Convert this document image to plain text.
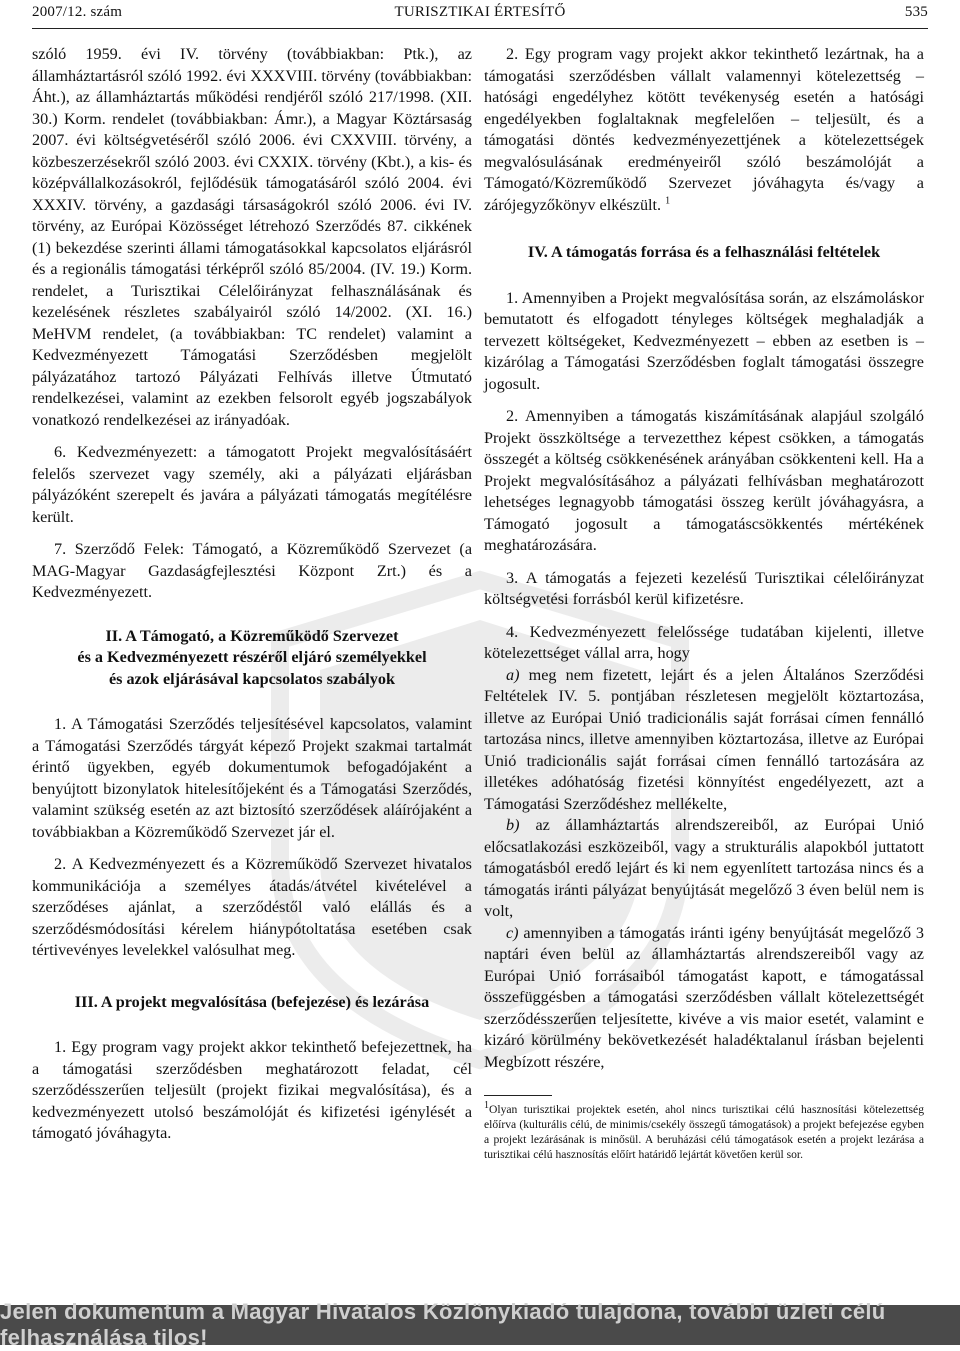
2007/12. szám	TURISZTIKAI ÉRTESÍTŐ	535

szóló 1959. évi IV. törvény (továbbiakban: Ptk.), az államháztartásról szóló 1992. évi XXXVIII. törvény (továbbiakban: Áht.), az államháztartás működési rendjéről szóló 217/1998. (XII. 30.) Korm. rendelet (továbbiakban: Ámr.), a Magyar Köztársaság 2007. évi költségvetéséről szóló 2006. évi CXXVIII. törvény, a közbeszerzésekről szóló 2003. évi CXXIX. törvény (Kbt.), a kis- és középvállalkozásokról, fejlődésük támogatásáról szóló 2004. évi XXXIV. törvény, a gazdasági társaságokról szóló 2006. évi IV. törvény, az Európai Közösséget létrehozó Szerződés 87. cikkének (1) bekezdése szerinti állami támogatásokkal kapcsolatos eljárásról és a regionális támogatási térképről szóló 85/2004. (IV. 19.) Korm. rendelet, a Turisztikai Célelőirányzat felhasználásának és kezelésének részletes szabályairól szóló 14/2002. (XI. 16.) MeHVM rendelet, (a továbbiakban: TC rendelet) valamint a Kedvezményezett Támogatási Szerződésben megjelölt pályázatához tartozó Pályázati Felhívás illetve Útmutató rendelkezései, valamint az ezekben felsorolt egyéb jogszabályok vonatkozó rendelkezései az irányadóak.

6. Kedvezményezett: a támogatott Projekt megvalósításáért felelős szervezet vagy személy, aki a pályázati eljárásban pályázóként szerepelt és javára a pályázati támogatás megítélésre került.

7. Szerződő Felek: Támogató, a Közreműködő Szervezet (a MAG-Magyar Gazdaságfejlesztési Központ Zrt.) és a Kedvezményezett.

II. A Támogató, a Közreműködő Szervezet
és a Kedvezményezett részéről eljáró személyekkel
és azok eljárásával kapcsolatos szabályok

1. A Támogatási Szerződés teljesítésével kapcsolatos, valamint a Támogatási Szerződés tárgyát képező Projekt szakmai tartalmát érintő ügyekben, egyéb dokumentumok befogadójaként a benyújtott bizonylatok hitelesítőjeként és a Támogatási Szerződés, valamint szükség esetén az azt biztosító szerződések aláírójaként a továbbiakban a Közreműködő Szervezet jár el.

2. A Kedvezményezett és a Közreműködő Szervezet hivatalos kommunikációja a személyes átadás/átvétel kivételével a szerződéses ajánlat, a szerződéstől való elállás és a szerződésmódosítási kérelem hiánypótoltatása esetében csak tértivevényes levelekkel valósulhat meg.

III. A projekt megvalósítása (befejezése) és lezárása

1. Egy program vagy projekt akkor tekinthető befejezettnek, ha a támogatási szerződésben meghatározott feladat, cél szerződésszerűen teljesült (projekt fizikai megvalósítása), és a kedvezményezett utolsó beszámolóját és kifizetési igénylését a támogató jóváhagyta.

2. Egy program vagy projekt akkor tekinthető lezártnak, ha a támogatási szerződésben vállalt valamennyi kötelezettség – hatósági engedélyhez kötött tevékenység esetén a hatósági engedélyekben foglaltaknak megfelelően – teljesült, és a támogatási döntés kedvezményezettjének a kötelezettségek megvalósulásának eredményeiről szóló beszámolóját a Támogató/Közreműködő Szervezet jóváhagyta és/vagy a zárójegyzőkönyv elkészült. $^1$

IV. A támogatás forrása és a felhasználási feltételek

1. Amennyiben a Projekt megvalósítása során, az elszámoláskor bemutatott és elfogadott tényleges költségek meghaladják a tervezett költségeket, Kedvezményezett – ebben az esetben is – kizárólag a Támogatási Szerződésben foglalt támogatási összegre jogosult.

2. Amennyiben a támogatás kiszámításának alapjául szolgáló Projekt összköltsége a tervezetthez képest csökken, a támogatás összegét a költség csökkenésének arányában csökkenteni kell. Ha a Projekt megvalósításához a pályázati felhívásban meghatározott lehetséges legnagyobb támogatási összeg került jóváhagyásra, a Támogató jogosult a támogatáscsökkentés mértékének meghatározására.

3. A támogatás a fejezeti kezelésű Turisztikai célelőirányzat költségvetési forrásból kerül kifizetésre.

4. Kedvezményezett felelőssége tudatában kijelenti, illetve kötelezettséget vállal arra, hogy

a) meg nem fizetett, lejárt és a jelen Általános Szerződési Feltételek IV. 5. pontjában részletesen megjelölt köztartozása, illetve az Európai Unió tradicionális saját forrásai címen fennálló tartozása nincs, illetve amennyiben köztartozása, illetve az Európai Unió tradicionális saját forrásai címen fennálló tartozására az illetékes adóhatóság fizetési könnyítést engedélyezett, azt a Támogatási Szerződéshez mellékelte,

b) az államháztartás alrendszereiből, az Európai Unió előcsatlakozási eszközeiből, vagy a strukturális alapokból juttatott támogatásból eredő lejárt és ki nem egyenlített tartozása nincs és a támogatás iránti pályázat benyújtását megelőző 3 éven belül nem is volt,

c) amennyiben a támogatás iránti igény benyújtását megelőző 3 naptári éven belül az államháztartás alrendszereiből vagy az Európai Unió forrásaiból támogatást kapott, e támogatással összefüggésben a támogatási szerződésben vállalt kötelezettségét szerződésszerűen teljesítette, kivéve a vis maior esetét, valamint e kizáró körülmény bekövetkezését haladéktalanul írásban bejelenti Megbízott részére,

$^1$Olyan turisztikai projektek esetén, ahol nincs turisztikai célú hasznosítási kötelezettség előírva (kulturális célú, de minimis/csekély összegű támogatások) a projekt befejezése egyben a projekt lezárásának is minősül. A beruházási célú támogatások esetén a projekt lezárása a turisztikai célú hasznosítás előírt határidő lejártát követően kerül sor.
Jelen dokumentum a Magyar Hivatalos Közlönykiadó tulajdona, további üzleti célú felhasználása tilos!
